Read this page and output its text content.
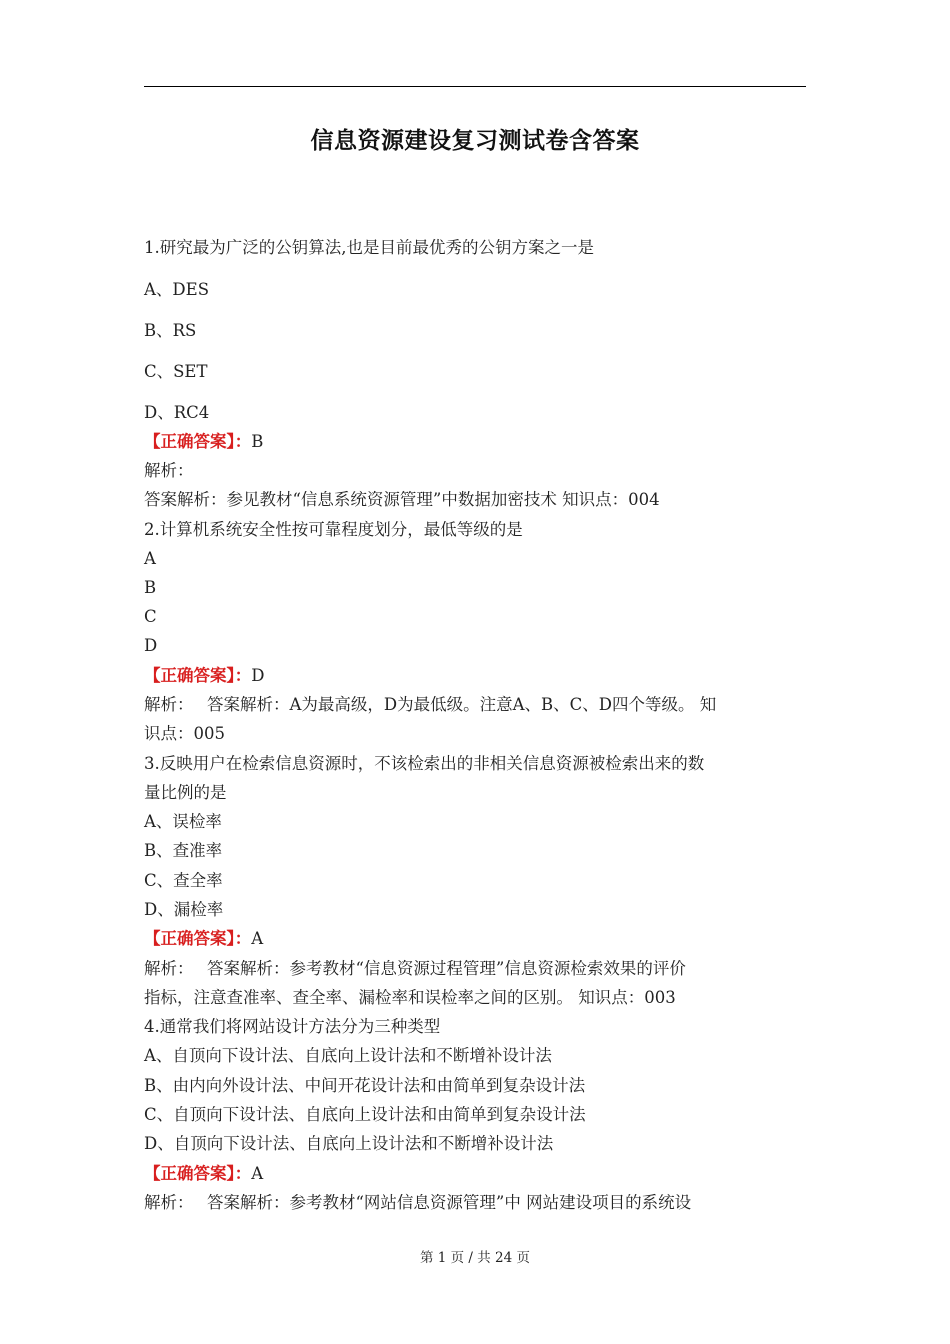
信息资源建设复习测试卷含答案
1.研究最为广泛的公钥算法,也是目前最优秀的公钥方案之一是
A、DES
B、RS
C、SET
D、RC4
【正确答案】：B
解析：
答案解析：参见教材“信息系统资源管理”中数据加密技术 知识点：004
2.计算机系统安全性按可靠程度划分，最低等级的是
A
B
C
D
【正确答案】：D
解析：　 答案解析：A为最高级，D为最低级。注意A、B、C、D四个等级。 知
识点：005
3.反映用户在检索信息资源时，不该检索出的非相关信息资源被检索出来的数
量比例的是
A、误检率
B、查准率
C、查全率
D、漏检率
【正确答案】：A
解析：　 答案解析：参考教材“信息资源过程管理”信息资源检索效果的评价
指标，注意查准率、查全率、漏检率和误检率之间的区别。 知识点：003
4.通常我们将网站设计方法分为三种类型
A、自顶向下设计法、自底向上设计法和不断增补设计法
B、由内向外设计法、中间开花设计法和由简单到复杂设计法
C、自顶向下设计法、自底向上设计法和由简单到复杂设计法
D、自顶向下设计法、自底向上设计法和不断增补设计法
【正确答案】：A
解析：　 答案解析：参考教材“网站信息资源管理”中 网站建设项目的系统设
第 1 页 / 共 24 页
